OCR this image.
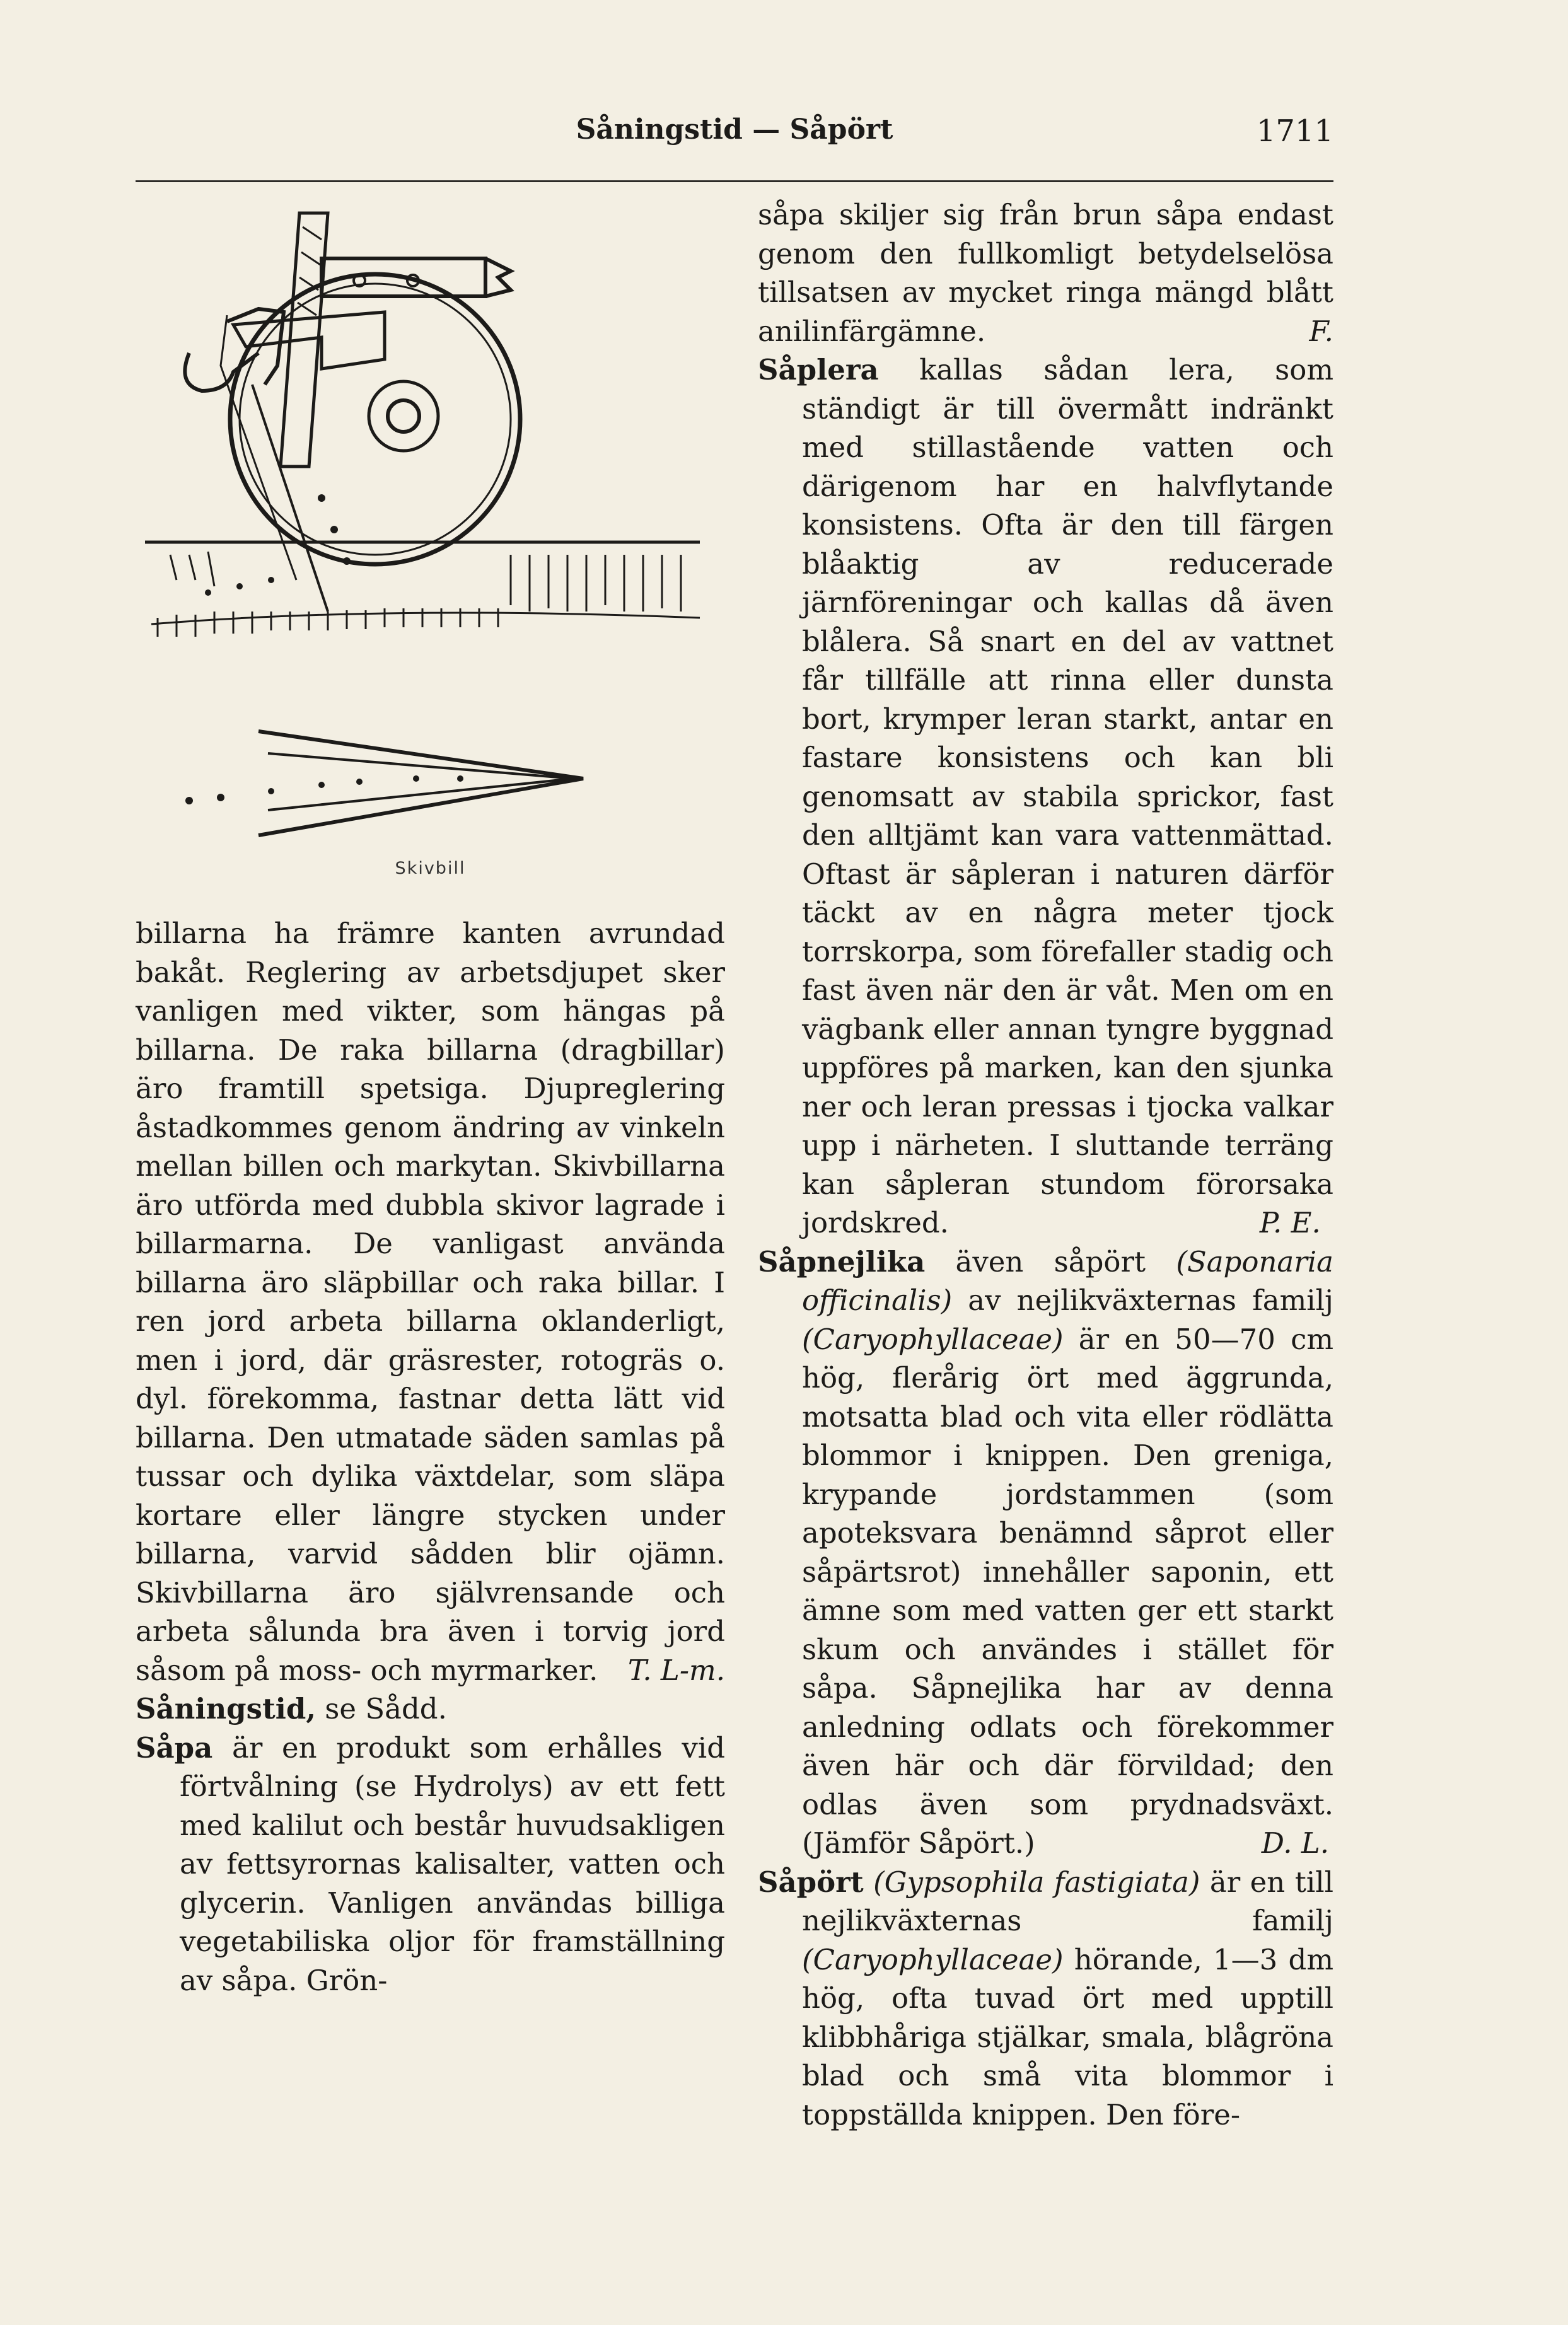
Såningstid — Såpört	1711
Skivbill

billarna ha främre kanten avrundad bakåt. Reglering av arbetsdjupet sker vanligen med vikter, som hängas på billarna. De raka billarna (dragbillar) äro framtill spetsiga. Djupreglering åstadkommes genom ändring av vinkeln mellan billen och markytan. Skivbillarna äro utförda med dubbla skivor lagrade i billarmarna. De vanligast använda billarna äro släpbillar och raka billar. I ren jord arbeta billarna oklanderligt, men i jord, där gräsrester, rotogräs o. dyl. förekomma, fastnar detta lätt vid billarna. Den utmatade säden samlas på tussar och dylika växtdelar, som släpa kortare eller längre stycken under billarna, varvid sådden blir ojämn. Skivbillarna äro självrensande och arbeta sålunda bra även i torvig jord såsom på moss- och myrmarker. T. L-m.

Såningstid, se Sådd.

Såpa är en produkt som erhålles vid förtvålning (se Hydrolys) av ett fett med kalilut och består huvudsakligen av fettsyrornas kalisalter, vatten och glycerin. Vanligen användas billiga vegetabiliska oljor för framställning av såpa. Grön-

såpa skiljer sig från brun såpa endast genom den fullkomligt betydelselösa tillsatsen av mycket ringa mängd blått anilinfärgämne.	F.

Såplera kallas sådan lera, som ständigt är till övermått indränkt med stillastående vatten och därigenom har en halvflytande konsistens. Ofta är den till färgen blåaktig av reducerade järnföreningar och kallas då även blålera. Så snart en del av vattnet får tillfälle att rinna eller dunsta bort, krymper leran starkt, antar en fastare konsistens och kan bli genomsatt av stabila sprickor, fast den alltjämt kan vara vattenmättad. Oftast är såpleran i naturen därför täckt av en några meter tjock torrskorpa, som förefaller stadig och fast även när den är våt. Men om en vägbank eller annan tyngre byggnad uppföres på marken, kan den sjunka ner och leran pressas i tjocka valkar upp i närheten. I sluttande terräng kan såpleran stundom förorsaka jordskred.	P. E.

Såpnejlika även såpört (Saponaria officinalis) av nejlikväxternas familj (Caryophyllaceae) är en 50—70 cm hög, flerårig ört med äggrunda, motsatta blad och vita eller rödlätta blommor i knippen. Den greniga, krypande jordstammen (som apoteksvara benämnd såprot eller såpärtsrot) innehåller saponin, ett ämne som med vatten ger ett starkt skum och användes i stället för såpa. Såpnejlika har av denna anledning odlats och förekommer även här och där förvildad; den odlas även som prydnadsväxt. (Jämför Såpört.)	D. L.

Såpört (Gypsophila fastigiata) är en till nejlikväxternas familj (Caryophyllaceae) hörande, 1—3 dm hög, ofta tuvad ört med upptill klibbhåriga stjälkar, smala, blågröna blad och små vita blommor i toppställda knippen. Den före-
